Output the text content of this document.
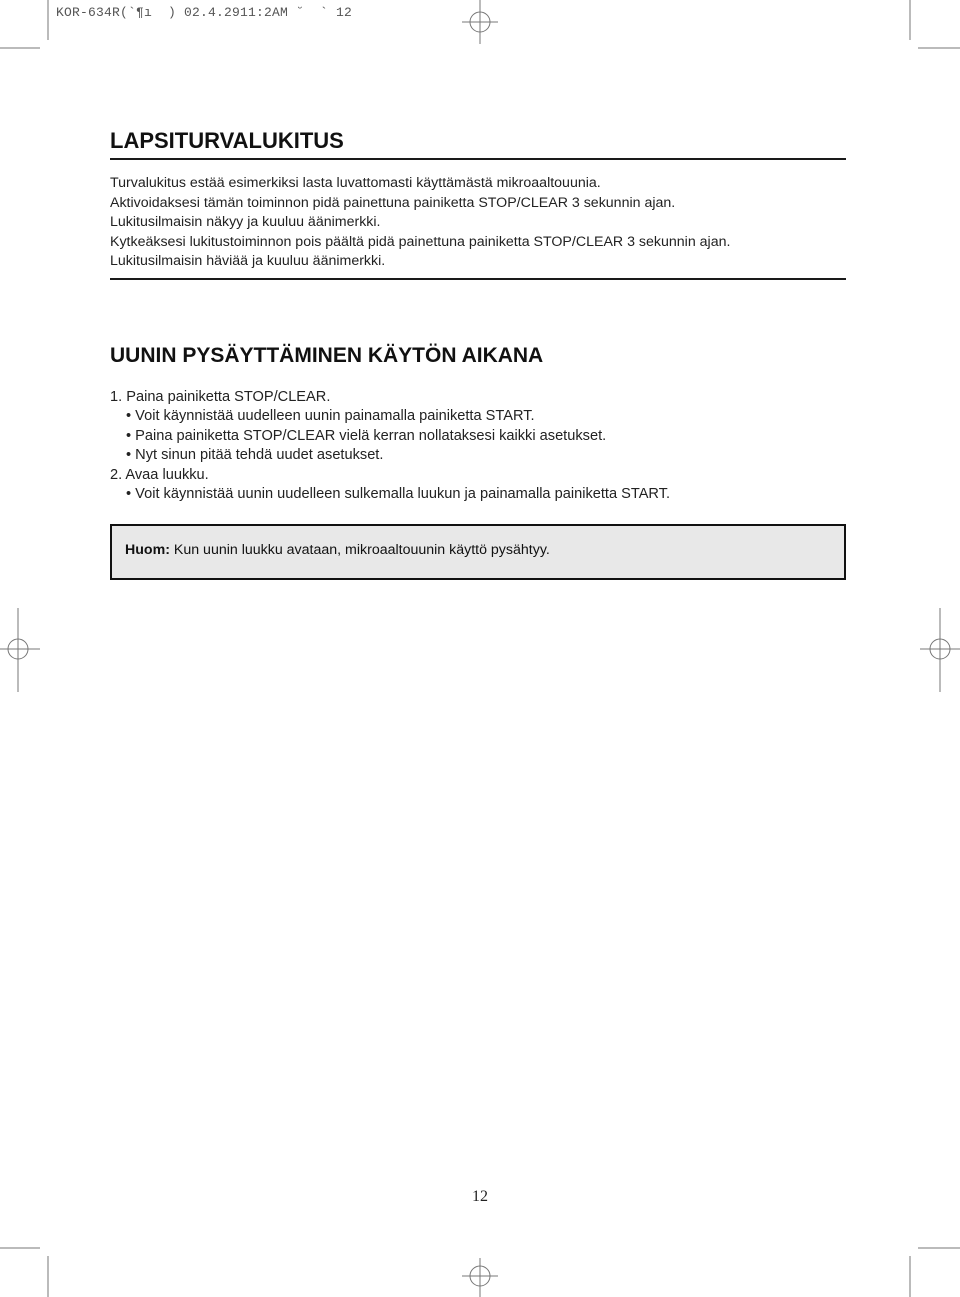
KOR-634R(`¶ı  ) 02.4.2911:2AM ˘  ` 12
LAPSITURVALUKITUS

Turvalukitus estää esimerkiksi lasta luvattomasti käyttämästä mikroaaltouunia.
Aktivoidaksesi tämän toiminnon pidä painettuna painiketta STOP/CLEAR 3 sekunnin ajan.
Lukitusilmaisin näkyy ja kuuluu äänimerkki.
Kytkeäksesi lukitustoiminnon pois päältä pidä painettuna painiketta STOP/CLEAR 3 sekunnin ajan.
Lukitusilmaisin häviää ja kuuluu äänimerkki.

UUNIN PYSÄYTTÄMINEN KÄYTÖN AIKANA
1. Paina painiketta STOP/CLEAR.
• Voit käynnistää uudelleen uunin painamalla painiketta START.
• Paina painiketta STOP/CLEAR vielä kerran nollataksesi kaikki asetukset.
• Nyt sinun pitää tehdä uudet asetukset.
2. Avaa luukku.
• Voit käynnistää uunin uudelleen sulkemalla luukun ja painamalla painiketta START.
Huom: Kun uunin luukku avataan, mikroaaltouunin käyttö pysähtyy.
12
